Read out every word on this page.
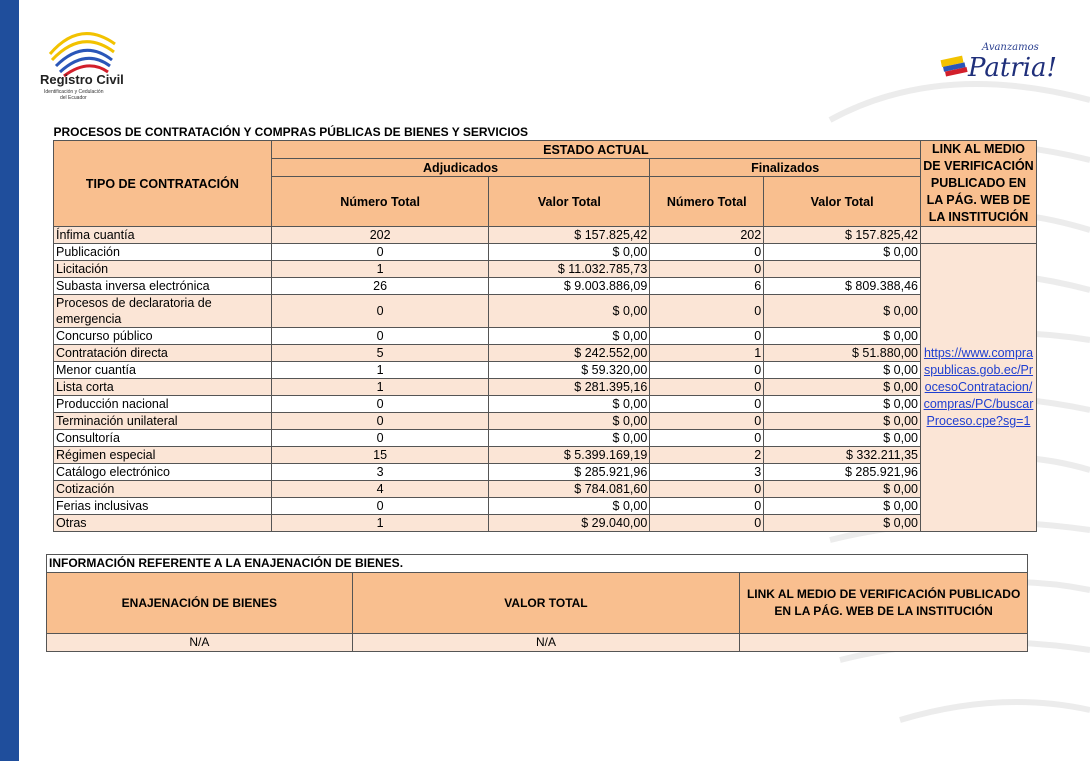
Registro Civil
Identificación y Cedulación
del Ecuador
Avanzamos
Patria!
PROCESOS DE CONTRATACIÓN Y COMPRAS PÚBLICAS DE BIENES Y SERVICIOS					
TIPO DE CONTRATACIÓN	ESTADO ACTUAL				LINK AL MEDIO DE VERIFICACIÓN PUBLICADO EN LA PÁG. WEB DE LA INSTITUCIÓN
	Adjudicados		Finalizados		
	Número Total	Valor Total	Número Total	Valor Total	
Ínfima cuantía	202	$ 157.825,42	202	$ 157.825,42	
Publicación	0	$ 0,00	0	$ 0,00	https://www.compraspublicas.gob.ec/ProcesoContratacion/compras/PC/buscarProceso.cpe?sg=1
Licitación	1	$ 11.032.785,73	0		
Subasta inversa electrónica	26	$ 9.003.886,09	6	$ 809.388,46	
Procesos de declaratoria de emergencia	0	$ 0,00	0	$ 0,00	
Concurso público	0	$ 0,00	0	$ 0,00	
Contratación directa	5	$ 242.552,00	1	$ 51.880,00	
Menor cuantía	1	$ 59.320,00	0	$ 0,00	
Lista corta	1	$ 281.395,16	0	$ 0,00	
Producción nacional	0	$ 0,00	0	$ 0,00	
Terminación unilateral	0	$ 0,00	0	$ 0,00	
Consultoría	0	$ 0,00	0	$ 0,00	
Régimen especial	15	$ 5.399.169,19	2	$ 332.211,35	
Catálogo electrónico	3	$ 285.921,96	3	$ 285.921,96	
Cotización	4	$ 784.081,60	0	$ 0,00	
Ferias inclusivas	0	$ 0,00	0	$ 0,00	
Otras	1	$ 29.040,00	0	$ 0,00	
INFORMACIÓN REFERENTE A LA ENAJENACIÓN DE BIENES.		
ENAJENACIÓN DE BIENES	VALOR TOTAL	LINK AL MEDIO DE VERIFICACIÓN PUBLICADO EN LA PÁG. WEB DE LA INSTITUCIÓN
N/A	N/A	
